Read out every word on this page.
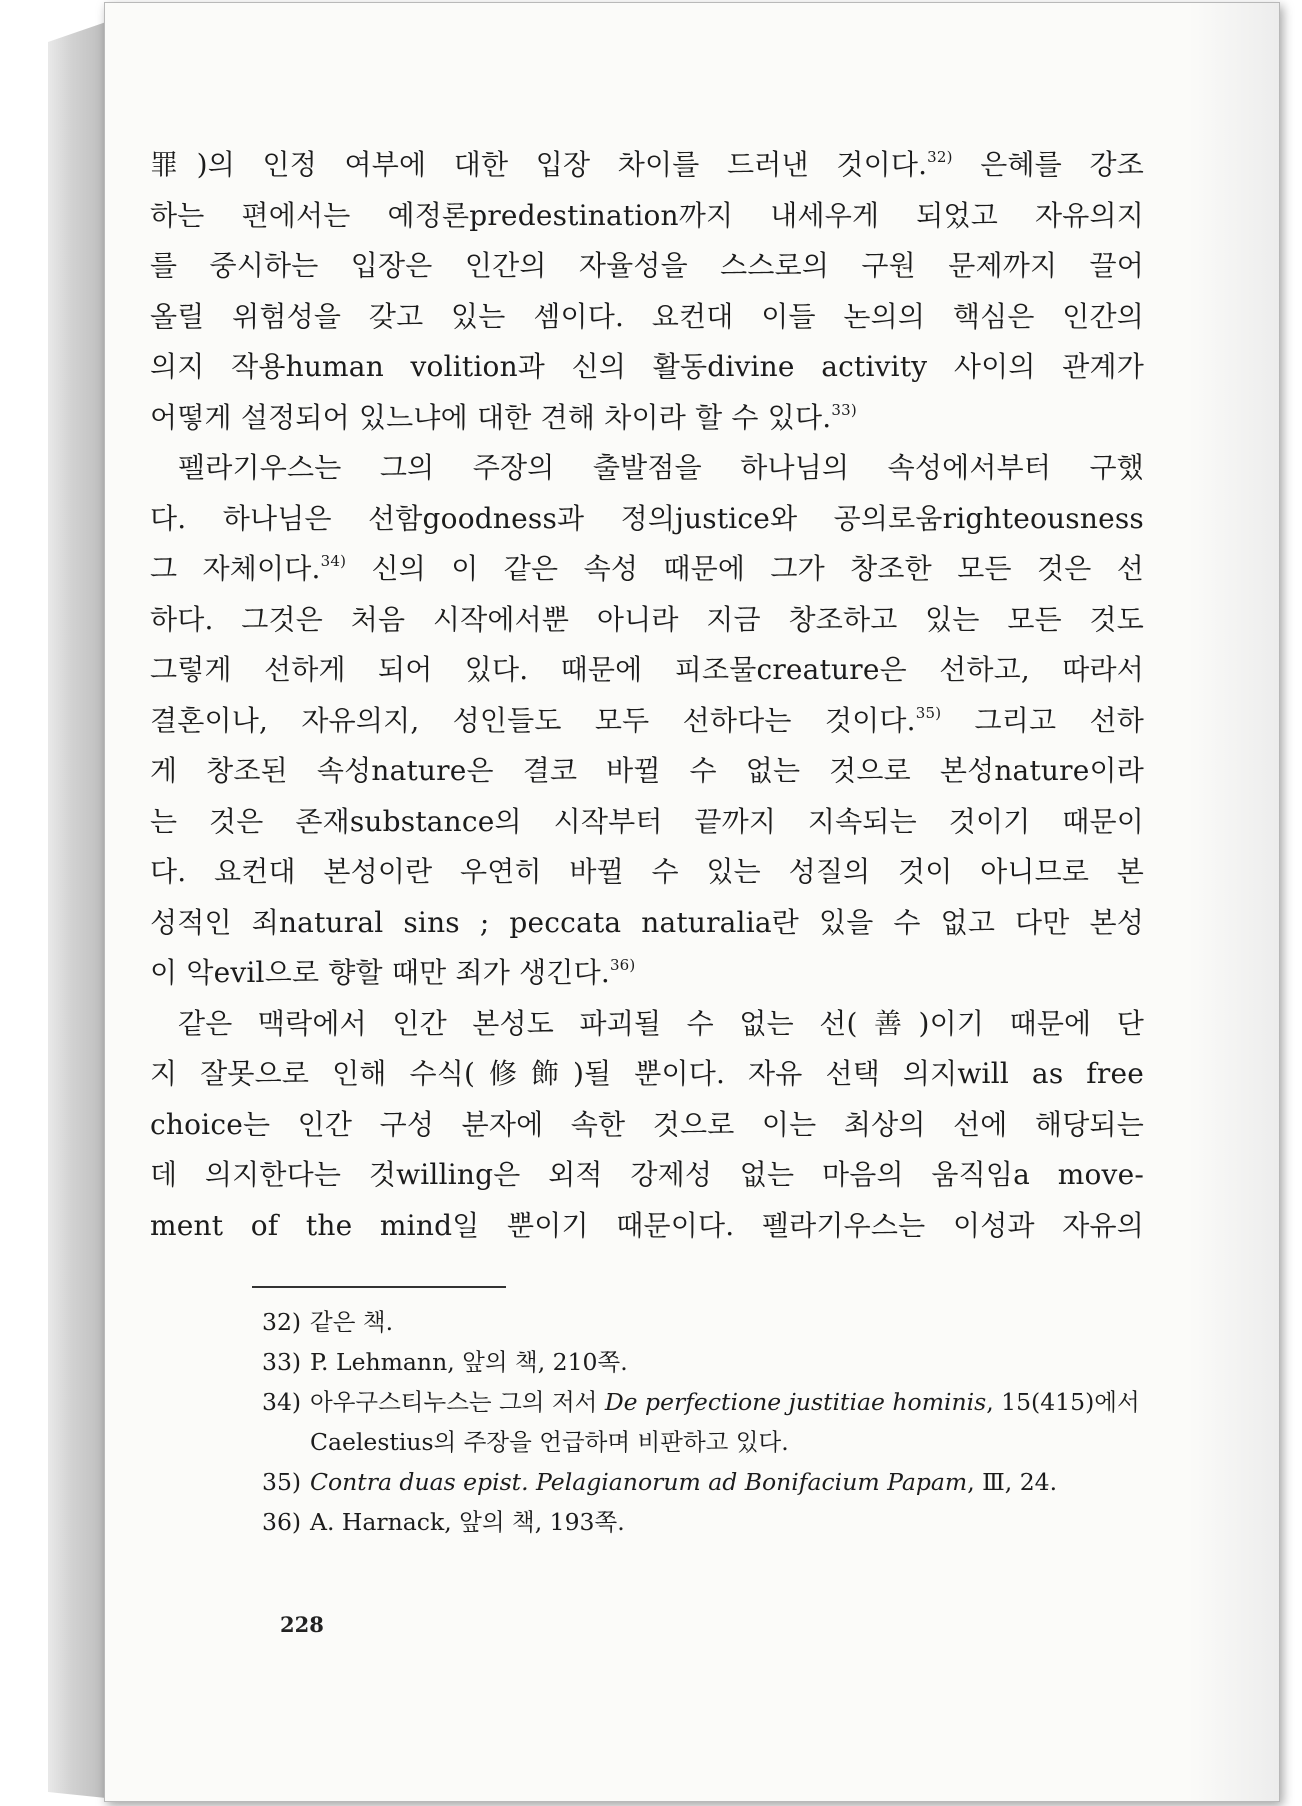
罪)의 인정 여부에 대한 입장 차이를 드러낸 것이다.$^{32)}$ 은혜를 강조
하는 편에서는 예정론predestination까지 내세우게 되었고 자유의지
를 중시하는 입장은 인간의 자율성을 스스로의 구원 문제까지 끌어
올릴 위험성을 갖고 있는 셈이다. 요컨대 이들 논의의 핵심은 인간의
의지 작용human volition과 신의 활동divine activity 사이의 관계가
어떻게 설정되어 있느냐에 대한 견해 차이라 할 수 있다.$^{33)}$
펠라기우스는 그의 주장의 출발점을 하나님의 속성에서부터 구했
다. 하나님은 선함goodness과 정의justice와 공의로움righteousness
그 자체이다.$^{34)}$ 신의 이 같은 속성 때문에 그가 창조한 모든 것은 선
하다. 그것은 처음 시작에서뿐 아니라 지금 창조하고 있는 모든 것도
그렇게 선하게 되어 있다. 때문에 피조물creature은 선하고, 따라서
결혼이나, 자유의지, 성인들도 모두 선하다는 것이다.$^{35)}$ 그리고 선하
게 창조된 속성nature은 결코 바뀔 수 없는 것으로 본성nature이라
는 것은 존재substance의 시작부터 끝까지 지속되는 것이기 때문이
다. 요컨대 본성이란 우연히 바뀔 수 있는 성질의 것이 아니므로 본
성적인 죄natural sins ; peccata naturalia란 있을 수 없고 다만 본성
이 악evil으로 향할 때만 죄가 생긴다.$^{36)}$
같은 맥락에서 인간 본성도 파괴될 수 없는 선(善)이기 때문에 단
지 잘못으로 인해 수식(修飾)될 뿐이다. 자유 선택 의지will as free
choice는 인간 구성 분자에 속한 것으로 이는 최상의 선에 해당되는
데 의지한다는 것willing은 외적 강제성 없는 마음의 움직임a move-
ment of the mind일 뿐이기 때문이다. 펠라기우스는 이성과 자유의
32) 같은 책.
33) P. Lehmann, 앞의 책, 210쪽.
34) 아우구스티누스는 그의 저서 De perfectione justitiae hominis, 15(415)에서
Caelestius의 주장을 언급하며 비판하고 있다.
35) Contra duas epist. Pelagianorum ad Bonifacium Papam, Ⅲ, 24.
36) A. Harnack, 앞의 책, 193쪽.
228
